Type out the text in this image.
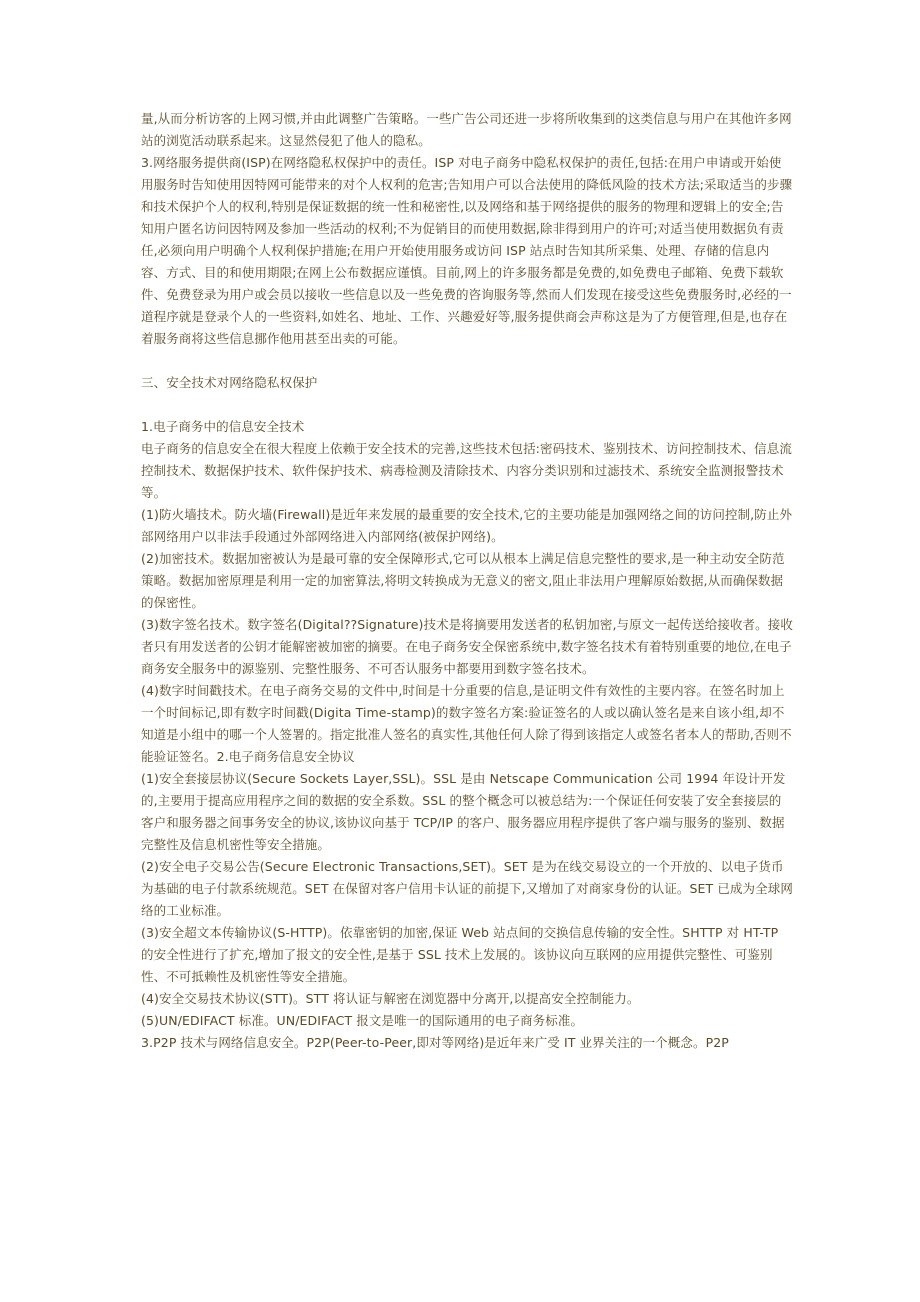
量,从而分析访客的上网习惯,并由此调整广告策略。一些广告公司还进一步将所收集到的这类信息与用户在其他许多网站的浏览活动联系起来。这显然侵犯了他人的隐私。

3.网络服务提供商(ISP)在网络隐私权保护中的责任。ISP 对电子商务中隐私权保护的责任,包括:在用户申请或开始使用服务时告知使用因特网可能带来的对个人权利的危害;告知用户可以合法使用的降低风险的技术方法;采取适当的步骤和技术保护个人的权利,特别是保证数据的统一性和秘密性,以及网络和基于网络提供的服务的物理和逻辑上的安全;告知用户匿名访问因特网及参加一些活动的权利;不为促销目的而使用数据,除非得到用户的许可;对适当使用数据负有责任,必须向用户明确个人权利保护措施;在用户开始使用服务或访问 ISP 站点时告知其所采集、处理、存储的信息内容、方式、目的和使用期限;在网上公布数据应谨慎。目前,网上的许多服务都是免费的,如免费电子邮箱、免费下载软件、免费登录为用户或会员以接收一些信息以及一些免费的咨询服务等,然而人们发现在接受这些免费服务时,必经的一道程序就是登录个人的一些资料,如姓名、地址、工作、兴趣爱好等,服务提供商会声称这是为了方便管理,但是,也存在着服务商将这些信息挪作他用甚至出卖的可能。

三、安全技术对网络隐私权保护

1.电子商务中的信息安全技术

电子商务的信息安全在很大程度上依赖于安全技术的完善,这些技术包括:密码技术、鉴别技术、访问控制技术、信息流控制技术、数据保护技术、软件保护技术、病毒检测及清除技术、内容分类识别和过滤技术、系统安全监测报警技术等。

(1)防火墙技术。防火墙(Firewall)是近年来发展的最重要的安全技术,它的主要功能是加强网络之间的访问控制,防止外部网络用户以非法手段通过外部网络进入内部网络(被保护网络)。

(2)加密技术。数据加密被认为是最可靠的安全保障形式,它可以从根本上满足信息完整性的要求,是一种主动安全防范策略。数据加密原理是利用一定的加密算法,将明文转换成为无意义的密文,阻止非法用户理解原始数据,从而确保数据的保密性。

(3)数字签名技术。数字签名(Digital??Signature)技术是将摘要用发送者的私钥加密,与原文一起传送给接收者。接收者只有用发送者的公钥才能解密被加密的摘要。在电子商务安全保密系统中,数字签名技术有着特别重要的地位,在电子商务安全服务中的源鉴别、完整性服务、不可否认服务中都要用到数字签名技术。

(4)数字时间戳技术。在电子商务交易的文件中,时间是十分重要的信息,是证明文件有效性的主要内容。在签名时加上一个时间标记,即有数字时间戳(Digita Time-stamp)的数字签名方案:验证签名的人或以确认签名是来自该小组,却不知道是小组中的哪一个人签署的。指定批准人签名的真实性,其他任何人除了得到该指定人或签名者本人的帮助,否则不能验证签名。2.电子商务信息安全协议

(1)安全套接层协议(Secure Sockets Layer,SSL)。SSL 是由 Netscape Communication 公司 1994 年设计开发的,主要用于提高应用程序之间的数据的安全系数。SSL 的整个概念可以被总结为:一个保证任何安装了安全套接层的客户和服务器之间事务安全的协议,该协议向基于 TCP/IP 的客户、服务器应用程序提供了客户端与服务的鉴别、数据完整性及信息机密性等安全措施。

(2)安全电子交易公告(Secure Electronic Transactions,SET)。SET 是为在线交易设立的一个开放的、以电子货币为基础的电子付款系统规范。SET 在保留对客户信用卡认证的前提下,又增加了对商家身份的认证。SET 已成为全球网络的工业标准。

(3)安全超文本传输协议(S-HTTP)。依靠密钥的加密,保证 Web 站点间的交换信息传输的安全性。SHTTP 对 HT-TP 的安全性进行了扩充,增加了报文的安全性,是基于 SSL 技术上发展的。该协议向互联网的应用提供完整性、可鉴别性、不可抵赖性及机密性等安全措施。

(4)安全交易技术协议(STT)。STT 将认证与解密在浏览器中分离开,以提高安全控制能力。

(5)UN/EDIFACT 标准。UN/EDIFACT 报文是唯一的国际通用的电子商务标准。

3.P2P 技术与网络信息安全。P2P(Peer-to-Peer,即对等网络)是近年来广受 IT 业界关注的一个概念。P2P
